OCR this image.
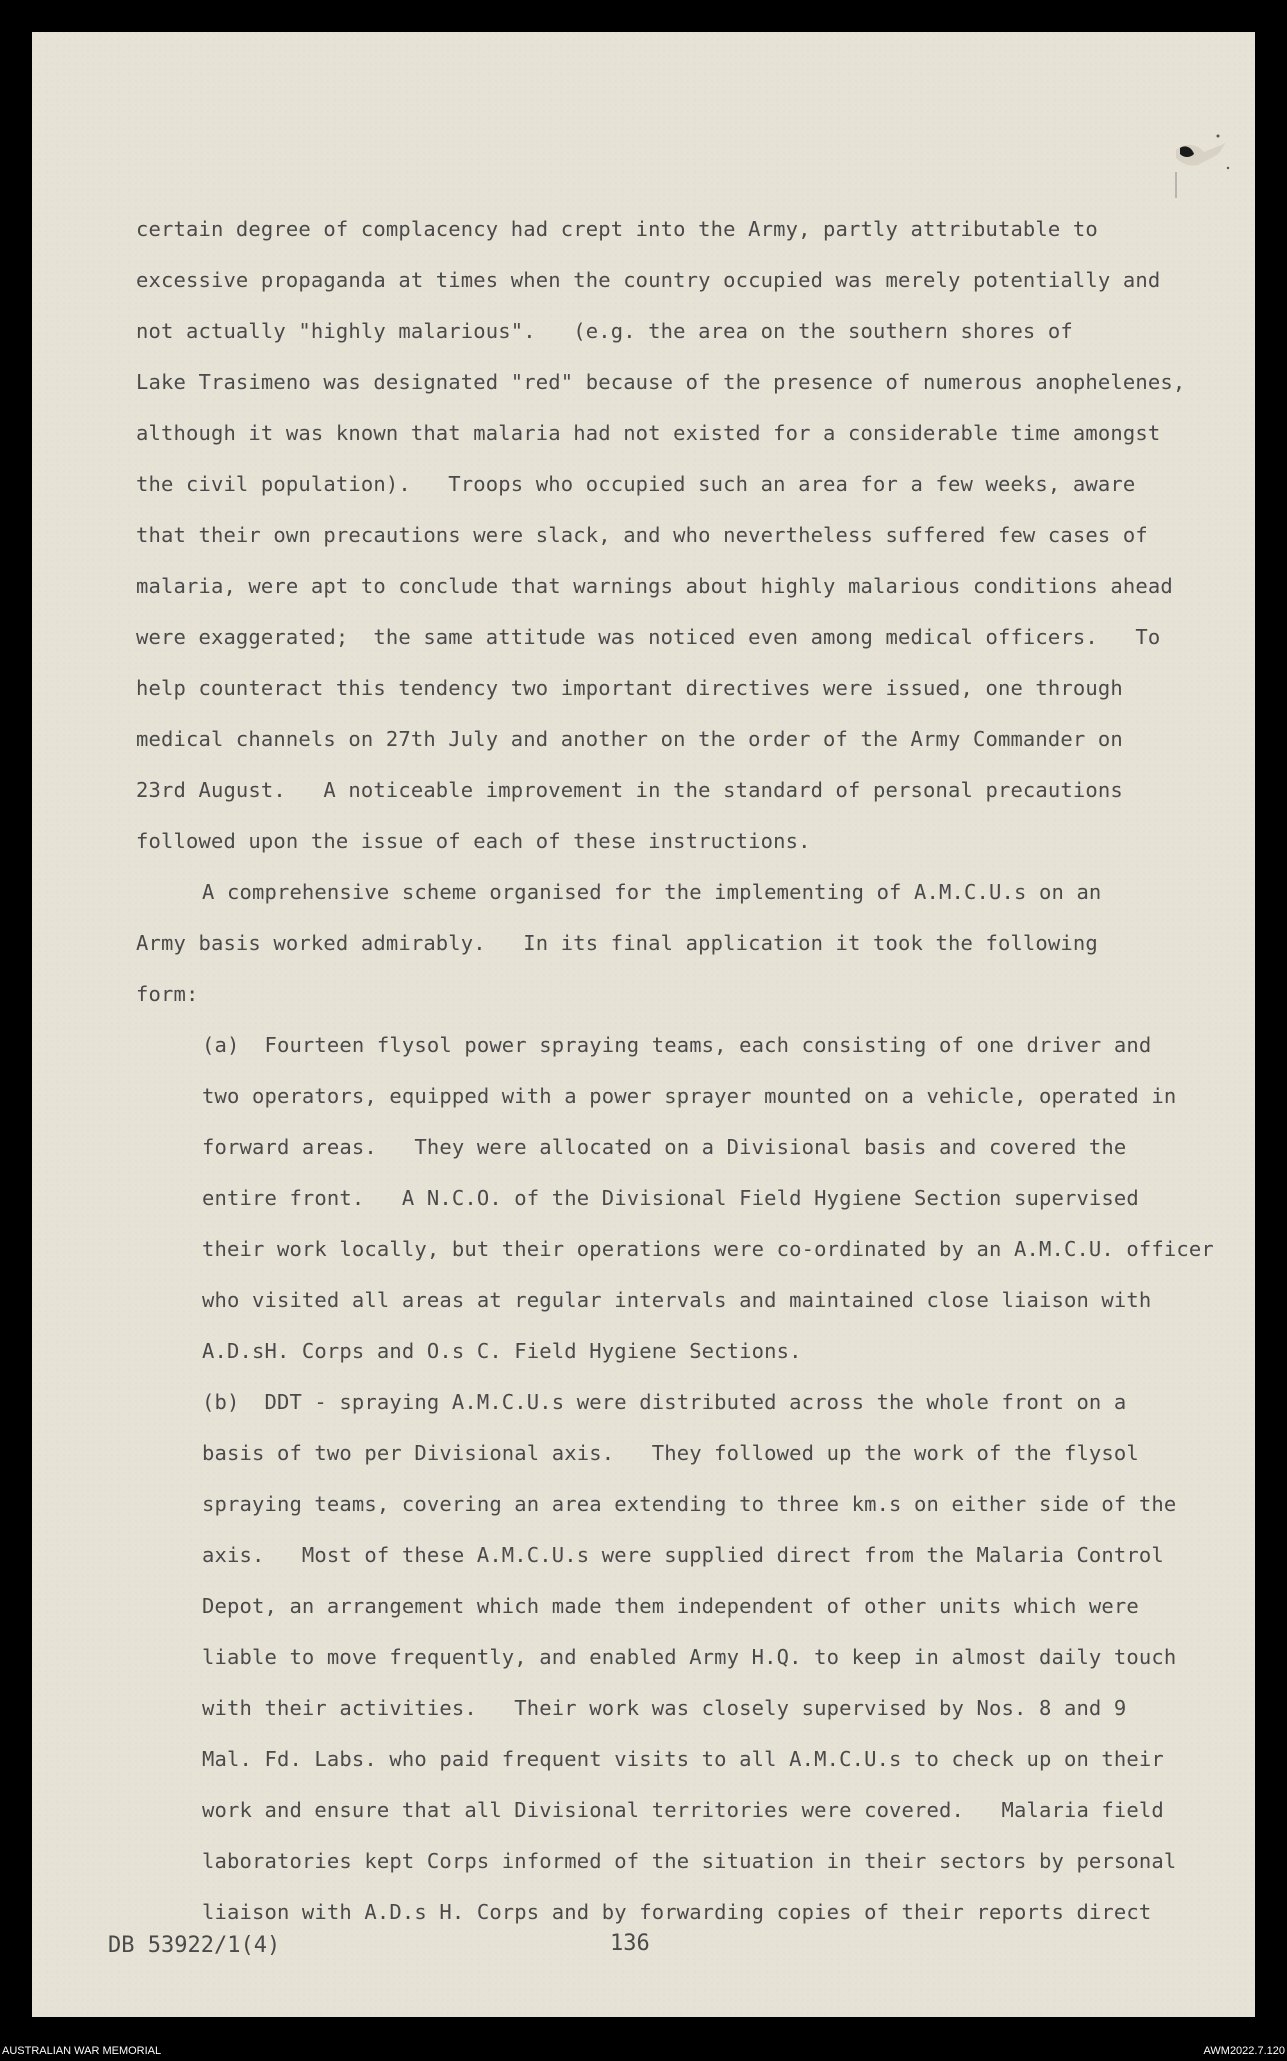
certain degree of complacency had crept into the Army, partly attributable to
excessive propaganda at times when the country occupied was merely potentially and
not actually "highly malarious".   (e.g. the area on the southern shores of
Lake Trasimeno was designated "red" because of the presence of numerous anophelenes,
although it was known that malaria had not existed for a considerable time amongst
the civil population).   Troops who occupied such an area for a few weeks, aware
that their own precautions were slack, and who nevertheless suffered few cases of
malaria, were apt to conclude that warnings about highly malarious conditions ahead
were exaggerated;  the same attitude was noticed even among medical officers.   To
help counteract this tendency two important directives were issued, one through
medical channels on 27th July and another on the order of the Army Commander on
23rd August.   A noticeable improvement in the standard of personal precautions
followed upon the issue of each of these instructions.
A comprehensive scheme organised for the implementing of A.M.C.U.s on an
Army basis worked admirably.   In its final application it took the following
form:
(a)  Fourteen flysol power spraying teams, each consisting of one driver and
two operators, equipped with a power sprayer mounted on a vehicle, operated in
forward areas.   They were allocated on a Divisional basis and covered the
entire front.   A N.C.O. of the Divisional Field Hygiene Section supervised
their work locally, but their operations were co-ordinated by an A.M.C.U. officer
who visited all areas at regular intervals and maintained close liaison with
A.D.sH. Corps and O.s C. Field Hygiene Sections.
(b)  DDT - spraying A.M.C.U.s were distributed across the whole front on a
basis of two per Divisional axis.   They followed up the work of the flysol
spraying teams, covering an area extending to three km.s on either side of the
axis.   Most of these A.M.C.U.s were supplied direct from the Malaria Control
Depot, an arrangement which made them independent of other units which were
liable to move frequently, and enabled Army H.Q. to keep in almost daily touch
with their activities.   Their work was closely supervised by Nos. 8 and 9
Mal. Fd. Labs. who paid frequent visits to all A.M.C.U.s to check up on their
work and ensure that all Divisional territories were covered.   Malaria field
laboratories kept Corps informed of the situation in their sectors by personal
liaison with A.D.s H. Corps and by forwarding copies of their reports direct
DB 53922/1(4)	136
AUSTRALIAN WAR MEMORIAL	AWM2022.7.120
